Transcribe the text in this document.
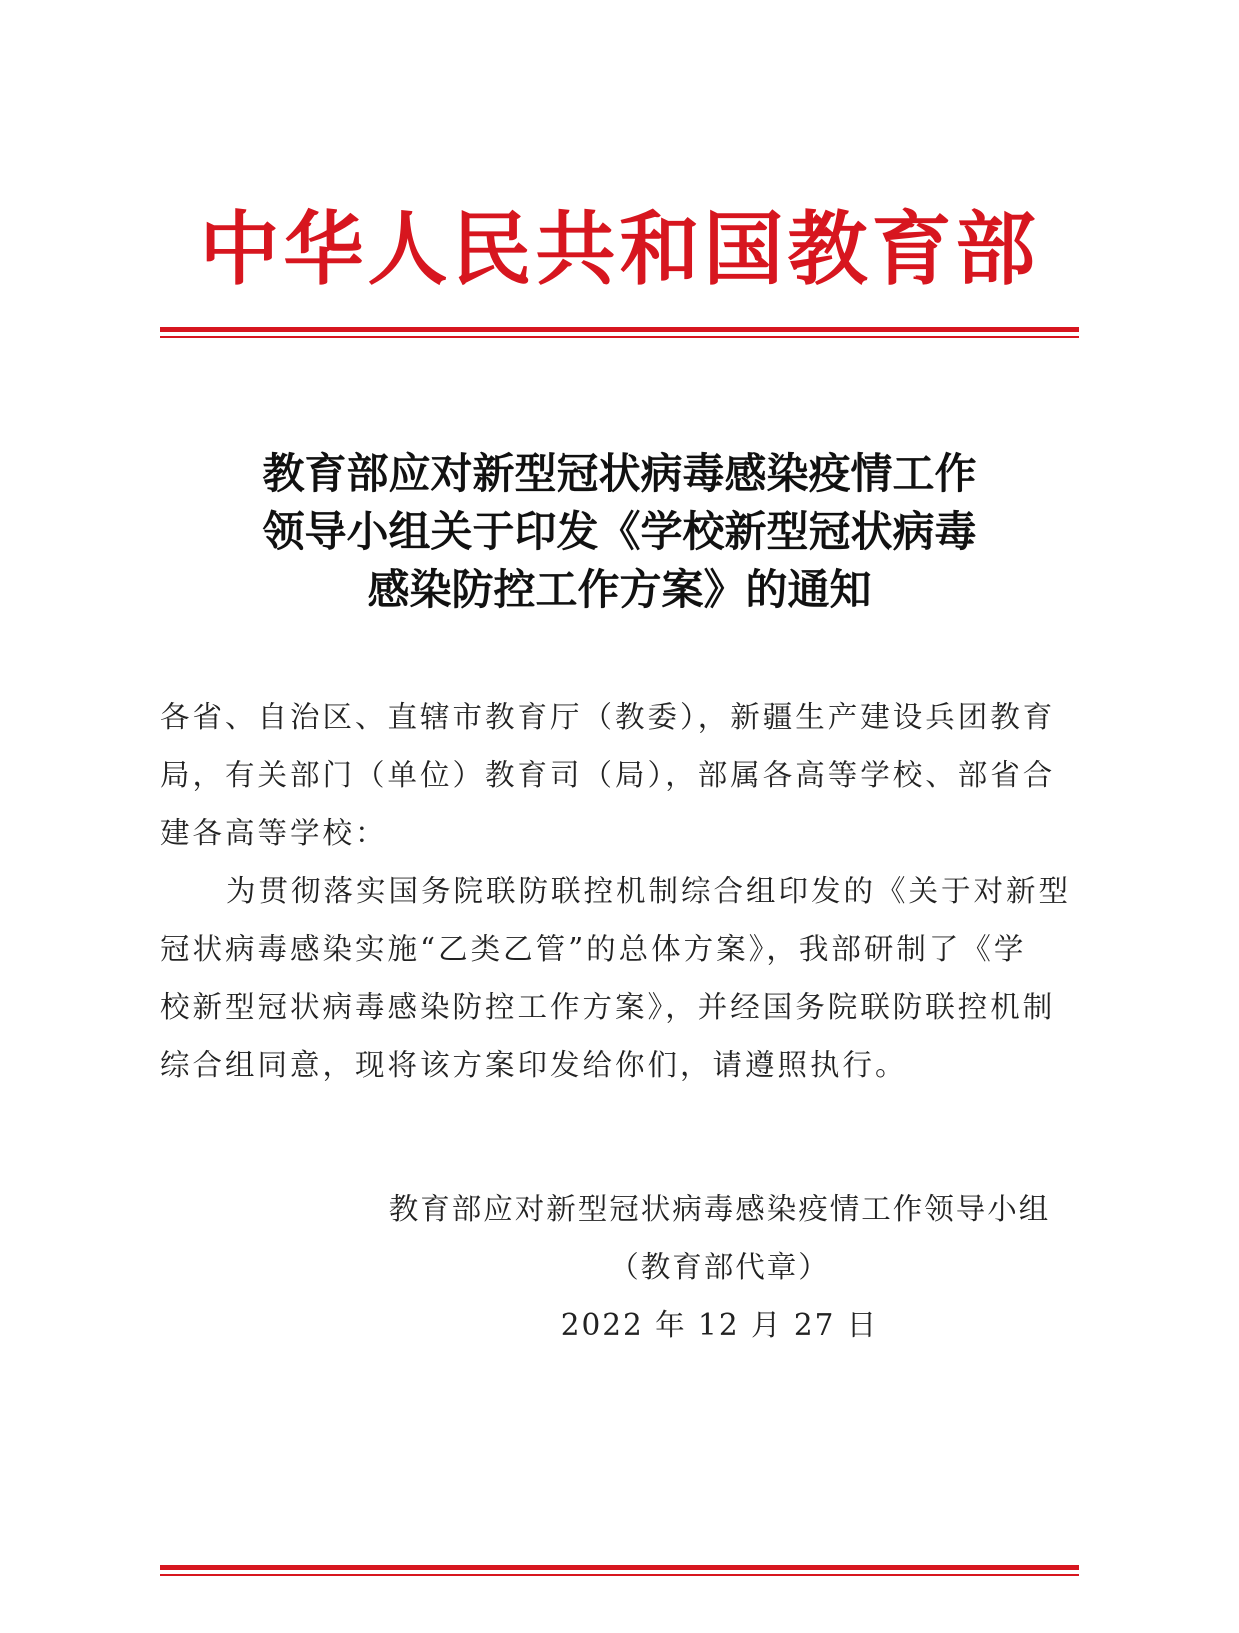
中华人民共和国教育部
教育部应对新型冠状病毒感染疫情工作
领导小组关于印发《学校新型冠状病毒
感染防控工作方案》的通知
各省、自治区、直辖市教育厅（教委），新疆生产建设兵团教育
局，有关部门（单位）教育司（局），部属各高等学校、部省合
建各高等学校：
为贯彻落实国务院联防联控机制综合组印发的《关于对新型
冠状病毒感染实施“乙类乙管”的总体方案》，我部研制了《学
校新型冠状病毒感染防控工作方案》，并经国务院联防联控机制
综合组同意，现将该方案印发给你们，请遵照执行。
教育部应对新型冠状病毒感染疫情工作领导小组
（教育部代章）
2022 年 12 月 27 日
